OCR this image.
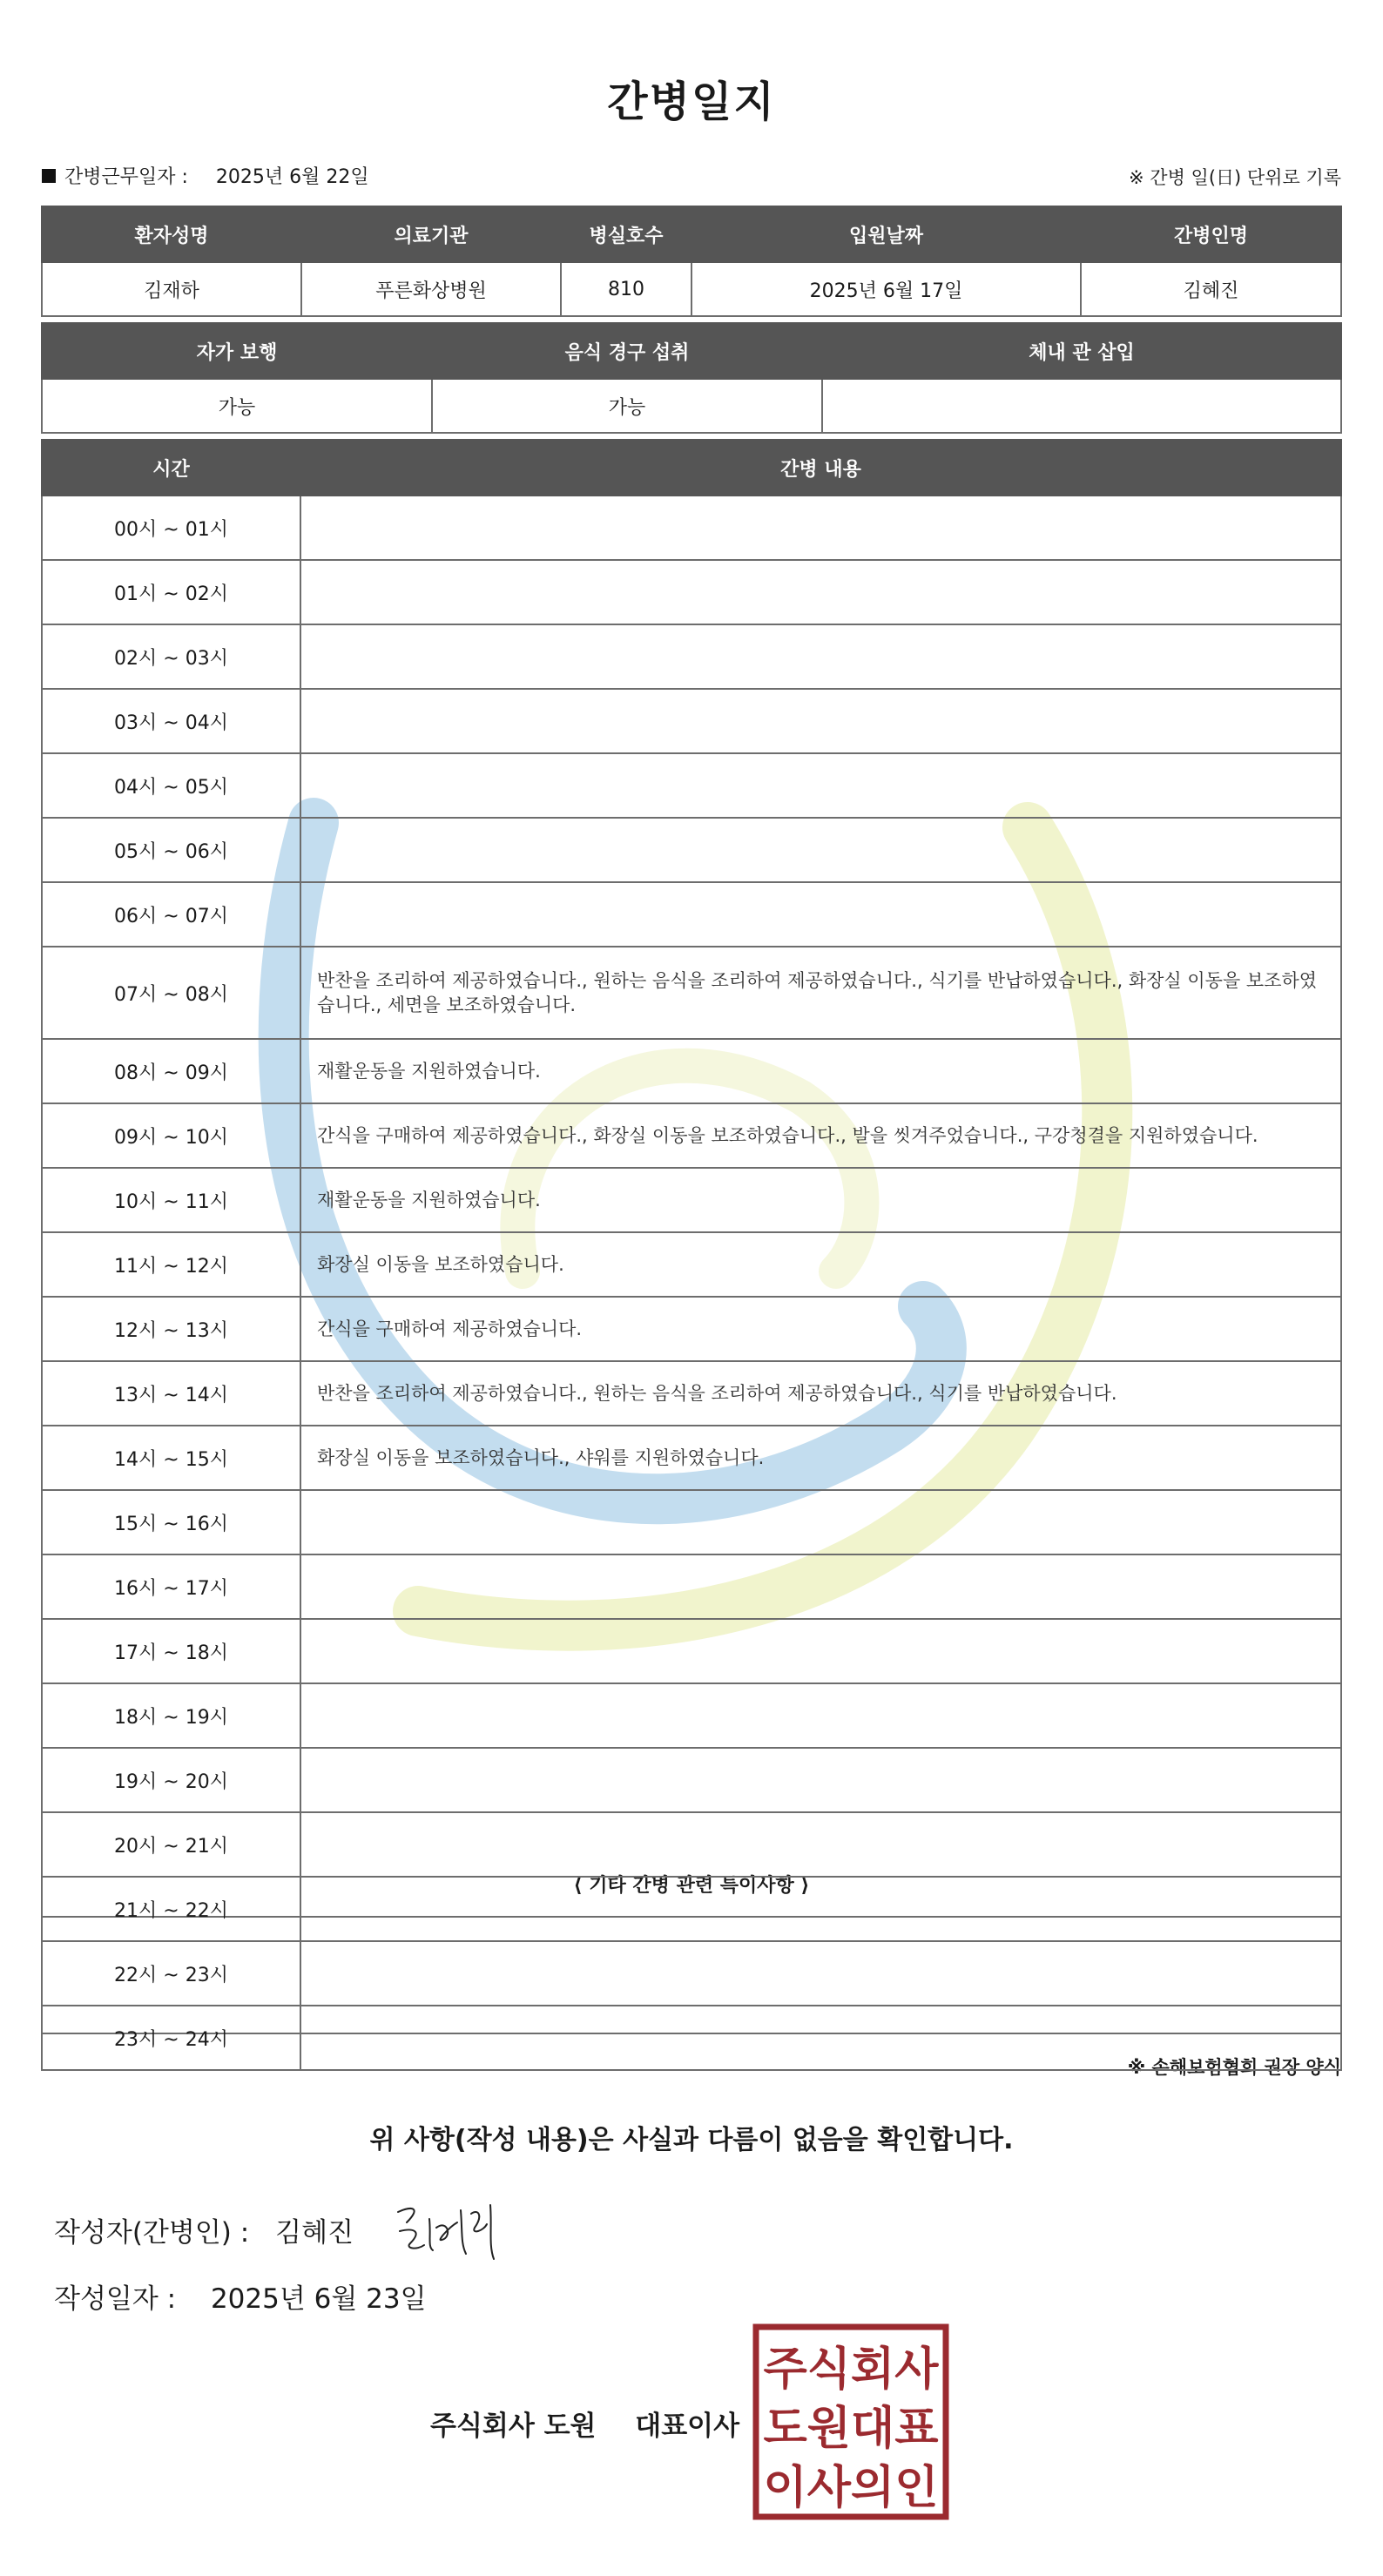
간병일지
간병근무일자 : 2025년 6월 22일	※ 간병 일(日) 단위로 기록
환자성명	의료기관	병실호수	입원날짜	간병인명
김재하	푸른화상병원	810	2025년 6월 17일	김혜진
자가 보행	음식 경구 섭취	체내 관 삽입
가능	가능	
시간	간병 내용
00시 ~ 01시	
01시 ~ 02시	
02시 ~ 03시	
03시 ~ 04시	
04시 ~ 05시	
05시 ~ 06시	
06시 ~ 07시	
07시 ~ 08시	반찬을 조리하여 제공하였습니다., 원하는 음식을 조리하여 제공하였습니다., 식기를 반납하였습니다., 화장실 이동을 보조하였습니다., 세면을 보조하였습니다.
08시 ~ 09시	재활운동을 지원하였습니다.
09시 ~ 10시	간식을 구매하여 제공하였습니다., 화장실 이동을 보조하였습니다., 발을 씻겨주었습니다., 구강청결을 지원하였습니다.
10시 ~ 11시	재활운동을 지원하였습니다.
11시 ~ 12시	화장실 이동을 보조하였습니다.
12시 ~ 13시	간식을 구매하여 제공하였습니다.
13시 ~ 14시	반찬을 조리하여 제공하였습니다., 원하는 음식을 조리하여 제공하였습니다., 식기를 반납하였습니다.
14시 ~ 15시	화장실 이동을 보조하였습니다., 샤워를 지원하였습니다.
15시 ~ 16시	
16시 ~ 17시	
17시 ~ 18시	
18시 ~ 19시	
19시 ~ 20시	
20시 ~ 21시	
21시 ~ 22시	
22시 ~ 23시	
23시 ~ 24시	
⟨ 기타 간병 관련 특이사항 ⟩
※ 손해보험협회 권장 양식
위 사항(작성 내용)은 사실과 다름이 없음을 확인합니다.
작성자(간병인) : 김혜진
작성일자 : 2025년 6월 23일
주식회사 도원 대표이사
주식회사
도원대표
이사의인
